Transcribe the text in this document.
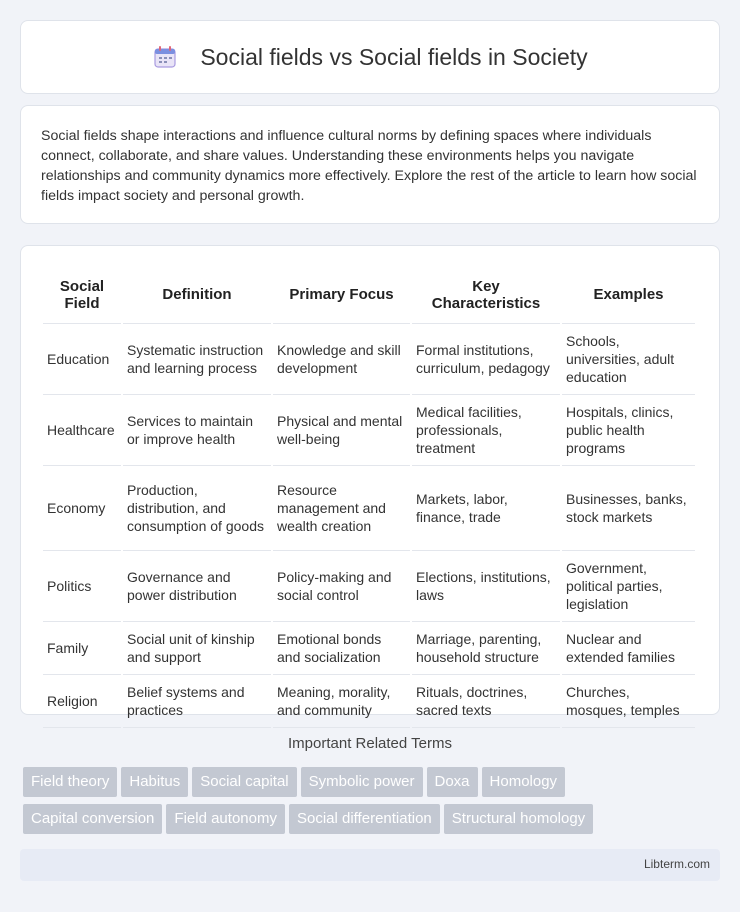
Social fields vs Social fields in Society

Social fields shape interactions and influence cultural norms by defining spaces where individuals connect, collaborate, and share values. Understanding these environments helps you navigate relationships and community dynamics more effectively. Explore the rest of the article to learn how social fields impact society and personal growth.

Social Field	Definition	Primary Focus	Key Characteristics	Examples
Education	Systematic instruction and learning process	Knowledge and skill development	Formal institutions, curriculum, pedagogy	Schools, universities, adult education
Healthcare	Services to maintain or improve health	Physical and mental well-being	Medical facilities, professionals, treatment	Hospitals, clinics, public health programs
Economy	Production, distribution, and consumption of goods	Resource management and wealth creation	Markets, labor, finance, trade	Businesses, banks, stock markets
Politics	Governance and power distribution	Policy-making and social control	Elections, institutions, laws	Government, political parties, legislation
Family	Social unit of kinship and support	Emotional bonds and socialization	Marriage, parenting, household structure	Nuclear and extended families
Religion	Belief systems and practices	Meaning, morality, and community	Rituals, doctrines, sacred texts	Churches, mosques, temples
Important Related Terms
Field theory Habitus Social capital Symbolic power Doxa Homology
Capital conversion Field autonomy Social differentiation Structural homology
Libterm.com
